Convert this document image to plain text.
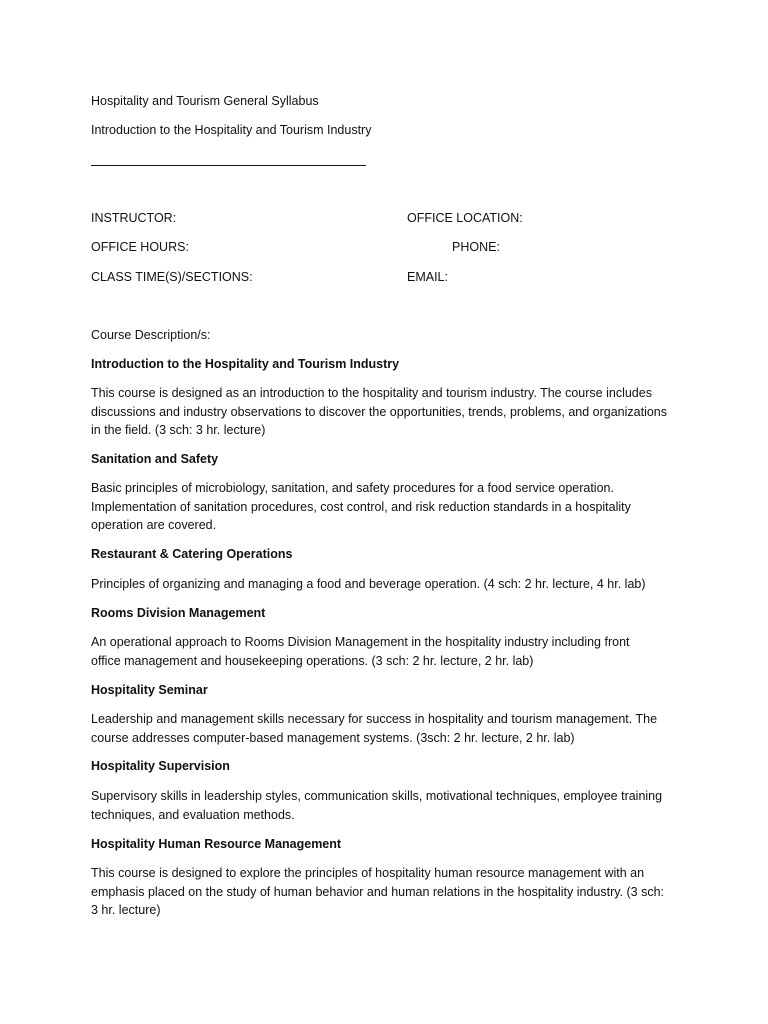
Hospitality and Tourism General Syllabus
Introduction to the Hospitality and Tourism Industry
INSTRUCTOR:	OFFICE LOCATION:
OFFICE HOURS:	PHONE:
CLASS TIME(S)/SECTIONS:	EMAIL:
Course Description/s:
Introduction to the Hospitality and Tourism Industry
This course is designed as an introduction to the hospitality and tourism industry. The course includes
discussions and industry observations to discover the opportunities, trends, problems, and organizations
in the field. (3 sch: 3 hr. lecture)
Sanitation and Safety
Basic principles of microbiology, sanitation, and safety procedures for a food service operation.
Implementation of sanitation procedures, cost control, and risk reduction standards in a hospitality
operation are covered.
Restaurant & Catering Operations
Principles of organizing and managing a food and beverage operation. (4 sch: 2 hr. lecture, 4 hr. lab)
Rooms Division Management
An operational approach to Rooms Division Management in the hospitality industry including front
office management and housekeeping operations. (3 sch: 2 hr. lecture, 2 hr. lab)
Hospitality Seminar
Leadership and management skills necessary for success in hospitality and tourism management. The
course addresses computer-based management systems. (3sch: 2 hr. lecture, 2 hr. lab)
Hospitality Supervision
Supervisory skills in leadership styles, communication skills, motivational techniques, employee training
techniques, and evaluation methods.
Hospitality Human Resource Management
This course is designed to explore the principles of hospitality human resource management with an
emphasis placed on the study of human behavior and human relations in the hospitality industry. (3 sch:
3 hr. lecture)
